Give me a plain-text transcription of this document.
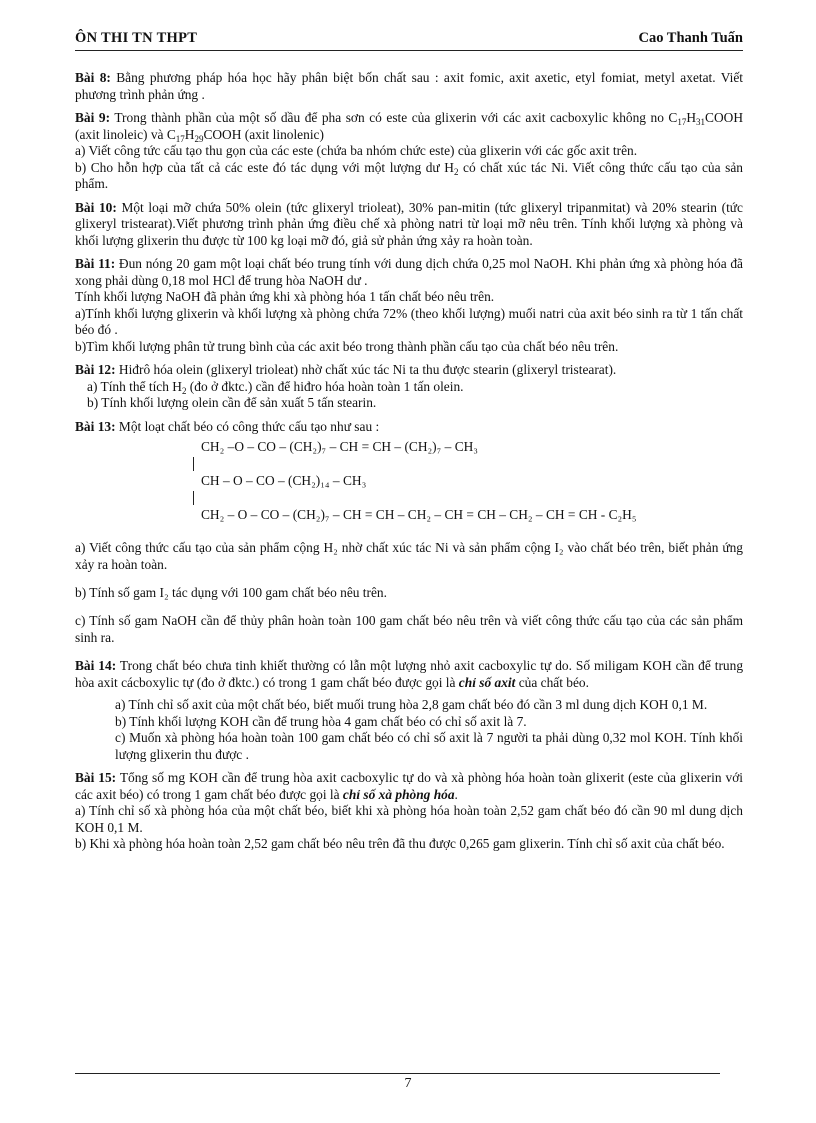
ÔN THI TN THPT	Cao Thanh Tuấn

Bài 8: Bằng phương pháp hóa học hãy phân biệt bốn chất sau : axit fomic, axit axetic, etyl fomiat, metyl axetat. Viết phương trình phản ứng .

Bài 9: Trong thành phần của một số dầu để pha sơn có este của glixerin với các axit cacboxylic không no $C_{17}H_{31}COOH$ (axit linoleic) và $C_{17}H_{29}COOH$ (axit linolenic)

a) Viết công tức cấu tạo thu gọn của các este (chứa ba nhóm chức este) của glixerin với các gốc axit trên.

b) Cho hỗn hợp của tất cả các este đó tác dụng với một lượng dư $H_2$ có chất xúc tác Ni. Viết công thức cấu tạo của sản phẩm.

Bài 10: Một loại mỡ chứa 50% olein (tức glixeryl trioleat), 30% pan-mitin (tức glixeryl tripanmitat) và 20% stearin (tức glixeryl tristearat).Viết phương trình phản ứng điều chế xà phòng natri từ loại mỡ nêu trên. Tính khối lượng xà phòng và khối lượng glixerin thu được từ 100 kg loại mỡ đó, giả sử phản ứng xảy ra hoàn toàn.

Bài 11: Đun nóng 20 gam một loại chất béo trung tính với dung dịch chứa 0,25 mol NaOH. Khi phản ứng xà phòng hóa đã xong phải dùng 0,18 mol HCl để trung hòa NaOH dư .

Tính khối lượng NaOH đã phản ứng khi xà phòng hóa 1 tấn chất béo nêu trên.

a)Tính khối lượng glixerin và khối lượng xà phòng chứa 72% (theo khối lượng) muối natri của axit béo sinh ra từ 1 tấn chất béo đó .

b)Tìm khối lượng phân tử trung bình của các axit béo trong thành phần cấu tạo của chất béo nêu trên.

Bài 12: Hiđrô hóa olein (glixeryl trioleat) nhờ chất xúc tác Ni ta thu được stearin (glixeryl tristearat).

a) Tính thể tích $H_2$ (đo ở đktc.) cần để hiđro hóa hoàn toàn 1 tấn olein.

b) Tính khối lượng olein cần để sản xuất 5 tấn stearin.

Bài 13: Một loạt chất béo có công thức cấu tạo như sau :

CH₂ –O – CO – (CH₂)₇ – CH = CH – (CH₂)₇ – CH₃
CH – O – CO – (CH₂)₁₄ – CH₃
CH₂ – O – CO – (CH₂)₇ – CH = CH – CH₂ – CH = CH – CH₂ – CH = CH - C₂H₅

a) Viết công thức cấu tạo của sản phẩm cộng H₂ nhờ chất xúc tác Ni và sản phẩm cộng I₂ vào chất béo trên, biết phản ứng xảy ra hoàn toàn.

b) Tính số gam I₂ tác dụng với 100 gam chất béo nêu trên.

c) Tính số gam NaOH cần để thủy phân hoàn toàn 100 gam chất béo nêu trên và viết công thức cấu tạo của các sản phẩm sinh ra.

Bài 14: Trong chất béo chưa tinh khiết thường có lẫn một lượng nhỏ axit cacboxylic tự do. Số miligam KOH cần để trung hòa axit cácboxylic tự (đo ở đktc.) có trong 1 gam chất béo được gọi là chỉ số axit của chất béo.

a) Tính chỉ số axit của một chất béo, biết muối trung hòa 2,8 gam chất béo đó cần 3 ml dung dịch KOH 0,1 M.

b) Tính khối lượng KOH cần để trung hòa 4 gam chất béo có chỉ số axit là 7.

c) Muốn xà phòng hóa hoàn toàn 100 gam chất béo có chỉ số axit là 7 người ta phải dùng 0,32 mol KOH. Tính khối lượng glixerin thu được .

Bài 15: Tổng số mg KOH cần để trung hòa axit cacboxylic tự do và xà phòng hóa hoàn toàn glixerit (este của glixerin với các axit béo) có trong 1 gam chất béo được gọi là chỉ số xà phòng hóa.

a) Tính chỉ số xà phòng hóa của một chất béo, biết khi xà phòng hóa hoàn toàn 2,52 gam chất béo đó cần 90 ml dung dịch KOH 0,1 M.

b) Khi xà phòng hóa hoàn toàn 2,52 gam chất béo nêu trên đã thu được 0,265 gam glixerin. Tính chỉ số axit của chất béo.

7
